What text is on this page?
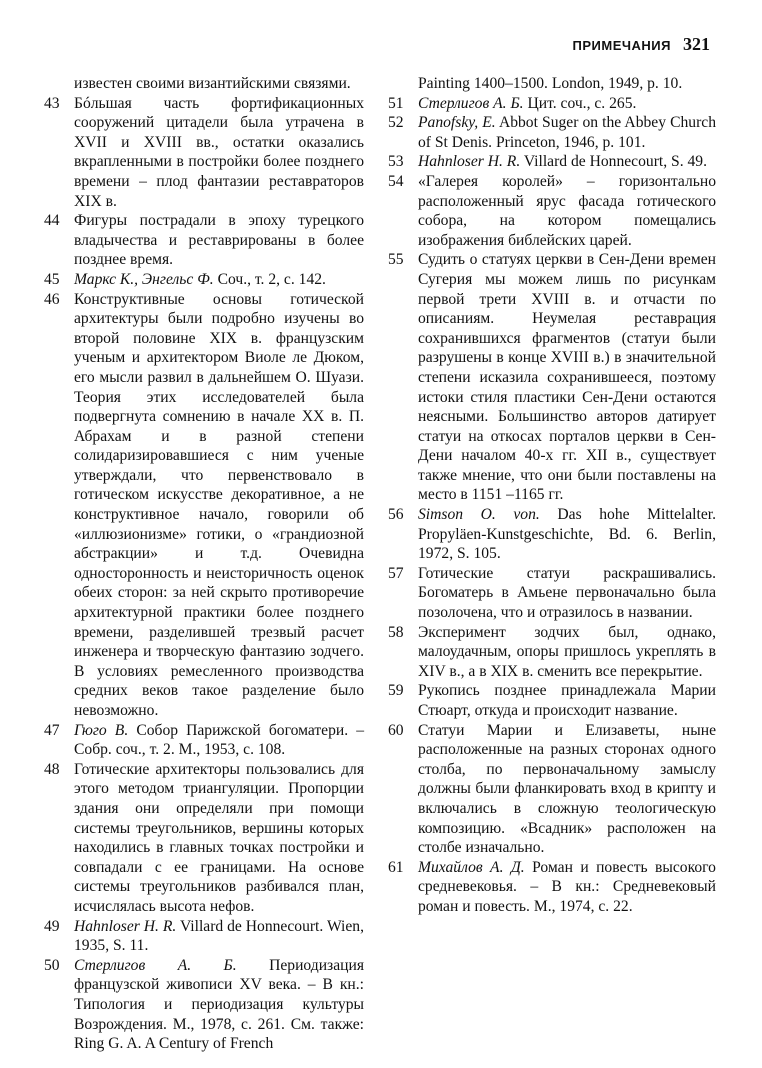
ПРИМЕЧАНИЯ 321
известен своими византийскими связями.
43 Бóльшая часть фортификационных сооружений цитадели была утрачена в XVII и XVIII вв., остатки оказались вкрапленными в постройки более позднего времени – плод фантазии реставраторов XIX в.
44 Фигуры пострадали в эпоху турецкого владычества и реставрированы в более позднее время.
45 Маркс К., Энгельс Ф. Соч., т. 2, с. 142.
46 Конструктивные основы готической архитектуры были подробно изучены во второй половине XIX в. французским ученым и архитектором Виоле ле Дюком, его мысли развил в дальнейшем О. Шуази. Теория этих исследователей была подвергнута сомнению в начале XX в. П. Абрахам и в разной степени солидаризировавшиеся с ним ученые утверждали, что первенствовало в готическом искусстве декоративное, а не конструктивное начало, говорили об «иллюзионизме» готики, о «грандиозной абстракции» и т.д. Очевидна односторонность и неисторичность оценок обеих сторон: за ней скрыто противоречие архитектурной практики более позднего времени, разделившей трезвый расчет инженера и творческую фантазию зодчего. В условиях ремесленного производства средних веков такое разделение было невозможно.
47 Гюго В. Собор Парижской богоматери. – Собр. соч., т. 2. М., 1953, с. 108.
48 Готические архитекторы пользовались для этого методом триангуляции. Пропорции здания они определяли при помощи системы треугольников, вершины которых находились в главных точках постройки и совпадали с ее границами. На основе системы треугольников разбивался план, исчислялась высота нефов.
49 Hahnloser H. R. Villard de Honnecourt. Wien, 1935, S. 11.
50 Стерлигов А. Б. Периодизация французской живописи XV века. – В кн.: Типология и периодизация культуры Возрождения. М., 1978, с. 261. См. также: Ring G. A. A Century of French
Painting 1400–1500. London, 1949, p. 10.
51 Стерлигов А. Б. Цит. соч., с. 265.
52 Panofsky, E. Abbot Suger on the Abbey Church of St Denis. Princeton, 1946, p. 101.
53 Hahnloser H. R. Villard de Honnecourt, S. 49.
54 «Галерея королей» – горизонтально расположенный ярус фасада готического собора, на котором помещались изображения библейских царей.
55 Судить о статуях церкви в Сен-Дени времен Сугерия мы можем лишь по рисункам первой трети XVIII в. и отчасти по описаниям. Неумелая реставрация сохранившихся фрагментов (статуи были разрушены в конце XVIII в.) в значительной степени исказила сохранившееся, поэтому истоки стиля пластики Сен-Дени остаются неясными. Большинство авторов датирует статуи на откосах порталов церкви в Сен-Дени началом 40-х гг. XII в., существует также мнение, что они были поставлены на место в 1151 –1165 гг.
56 Simson O. von. Das hohe Mittelalter. Propyläen-Kunstgeschichte, Bd. 6. Berlin, 1972, S. 105.
57 Готические статуи раскрашивались. Богоматерь в Амьене первоначально была позолочена, что и отразилось в названии.
58 Эксперимент зодчих был, однако, малоудачным, опоры пришлось укреплять в XIV в., а в XIX в. сменить все перекрытие.
59 Рукопись позднее принадлежала Марии Стюарт, откуда и происходит название.
60 Статуи Марии и Елизаветы, ныне расположенные на разных сторонах одного столба, по первоначальному замыслу должны были фланкировать вход в крипту и включались в сложную теологическую композицию. «Всадник» расположен на столбе изначально.
61 Михайлов А. Д. Роман и повесть высокого средневековья. – В кн.: Средневековый роман и повесть. М., 1974, с. 22.
